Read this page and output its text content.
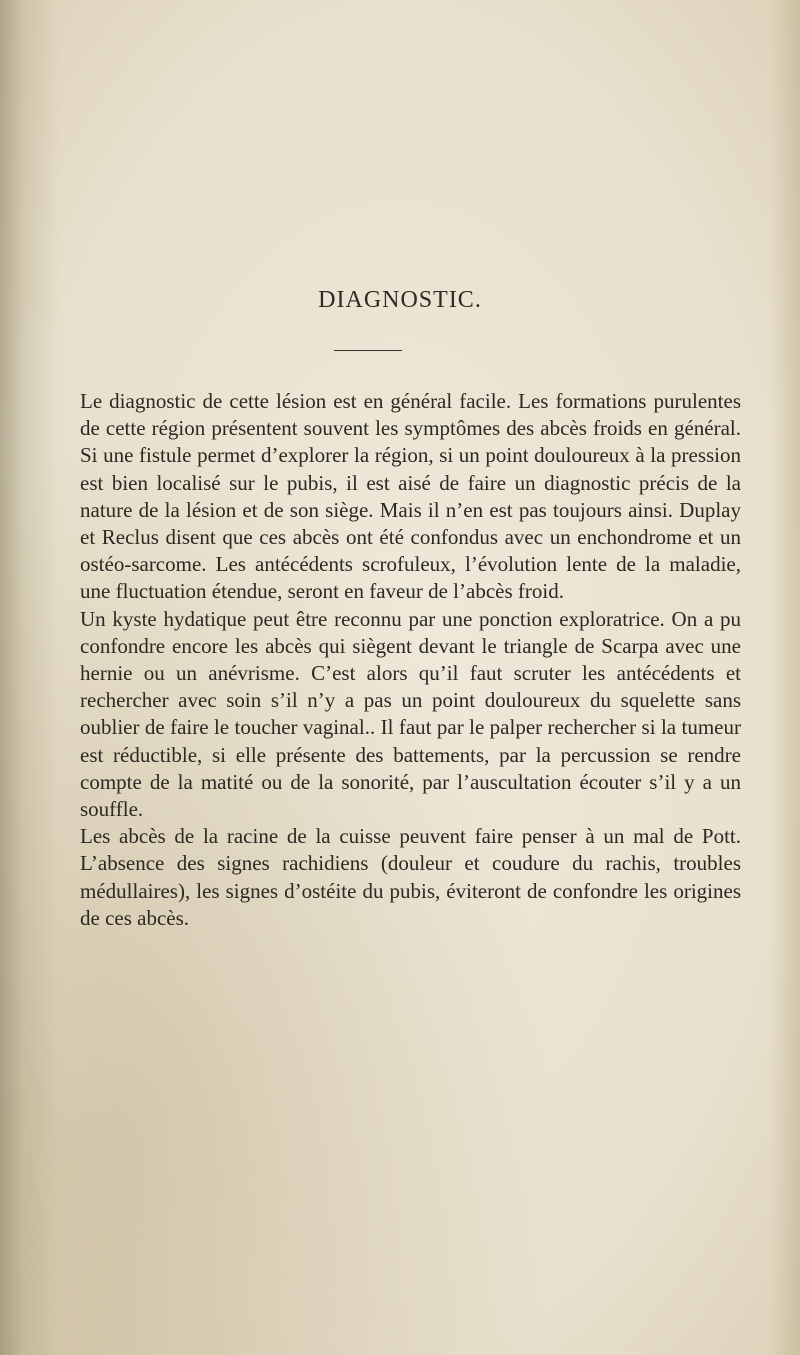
DIAGNOSTIC.

Le diagnostic de cette lésion est en général facile. Les formations purulentes de cette région présentent souvent les symptômes des abcès froids en général. Si une fistule permet d’explorer la région, si un point douloureux à la pression est bien localisé sur le pubis, il est aisé de faire un diagnostic précis de la nature de la lésion et de son siège. Mais il n’en est pas toujours ainsi. Duplay et Reclus disent que ces abcès ont été confondus avec un enchondrome et un ostéo-sarcome. Les antécédents scrofuleux, l’évolution lente de la maladie, une fluctuation étendue, seront en faveur de l’abcès froid.

Un kyste hydatique peut être reconnu par une ponction exploratrice. On a pu confondre encore les abcès qui siègent devant le triangle de Scarpa avec une hernie ou un anévrisme. C’est alors qu’il faut scruter les antécédents et rechercher avec soin s’il n’y a pas un point douloureux du squelette sans oublier de faire le toucher vaginal.. Il faut par le palper rechercher si la tumeur est réductible, si elle présente des battements, par la percussion se rendre compte de la matité ou de la sonorité, par l’auscultation écouter s’il y a un souffle.

Les abcès de la racine de la cuisse peuvent faire penser à un mal de Pott. L’absence des signes rachidiens (douleur et coudure du rachis, troubles médullaires), les signes d’ostéite du pubis, éviteront de confondre les origines de ces abcès.
